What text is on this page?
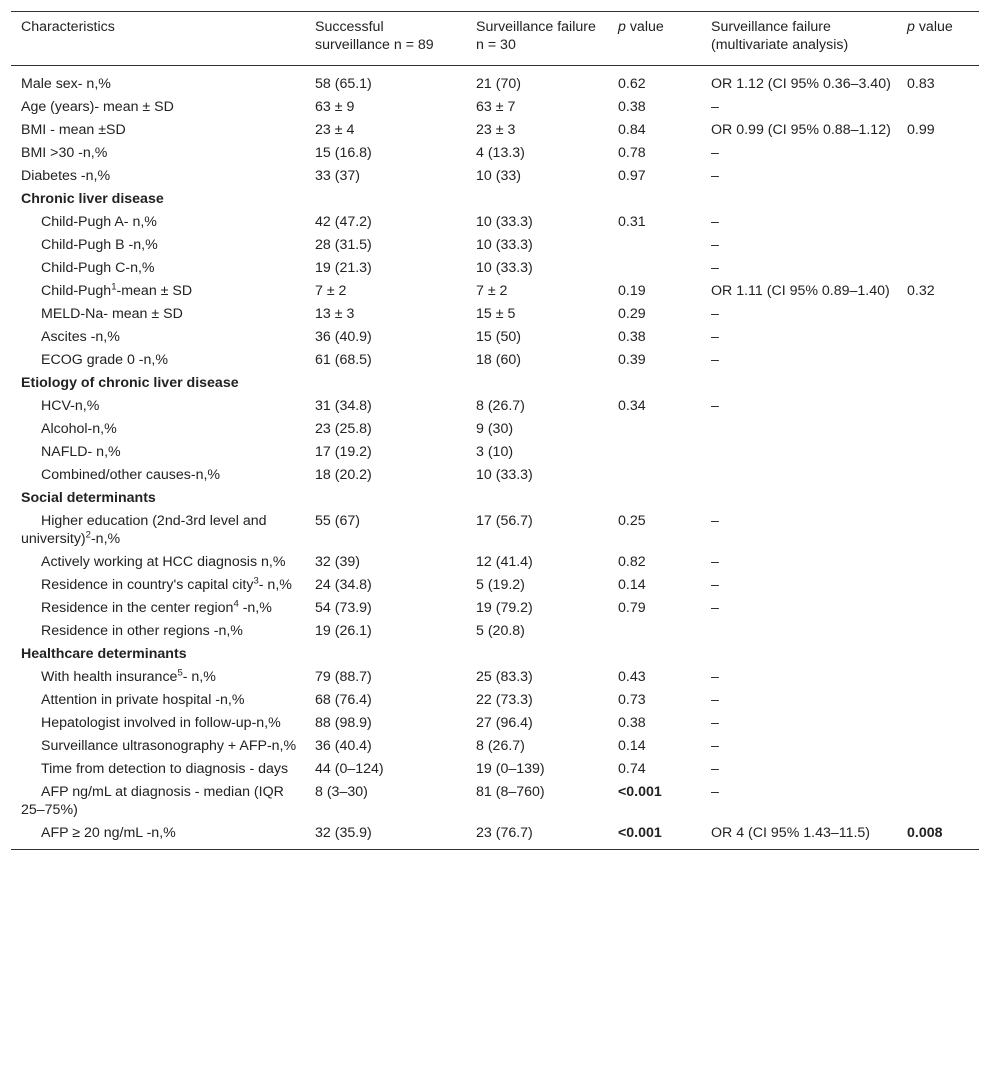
Characteristics	Successful surveillance n = 89	Surveillance failure n = 30	p value	Surveillance failure (multivariate analysis)	p value
Male sex- n,%	58 (65.1)	21 (70)	0.62	OR 1.12 (CI 95% 0.36–3.40)	0.83
Age (years)- mean ± SD	63 ± 9	63 ± 7	0.38	–	
BMI - mean ±SD	23 ± 4	23 ± 3	0.84	OR 0.99 (CI 95% 0.88–1.12)	0.99
BMI >30 -n,%	15 (16.8)	4 (13.3)	0.78	–	
Diabetes -n,%	33 (37)	10 (33)	0.97	–	
Chronic liver disease					
Child-Pugh A- n,%	42 (47.2)	10 (33.3)	0.31	–	
Child-Pugh B -n,%	28 (31.5)	10 (33.3)		–	
Child-Pugh C-n,%	19 (21.3)	10 (33.3)		–	
Child-Pugh$^1$-mean ± SD	7 ± 2	7 ± 2	0.19	OR 1.11 (CI 95% 0.89–1.40)	0.32
MELD-Na- mean ± SD	13 ± 3	15 ± 5	0.29	–	
Ascites -n,%	36 (40.9)	15 (50)	0.38	–	
ECOG grade 0 -n,%	61 (68.5)	18 (60)	0.39	–	
Etiology of chronic liver disease					
HCV-n,%	31 (34.8)	8 (26.7)	0.34	–	
Alcohol-n,%	23 (25.8)	9 (30)			
NAFLD- n,%	17 (19.2)	3 (10)			
Combined/other causes-n,%	18 (20.2)	10 (33.3)			
Social determinants					
Higher education (2nd-3rd level and university)$^2$-n,%	55 (67)	17 (56.7)	0.25	–	
Actively working at HCC diagnosis n,%	32 (39)	12 (41.4)	0.82	–	
Residence in country's capital city$^3$- n,%	24 (34.8)	5 (19.2)	0.14	–	
Residence in the center region$^4$ -n,%	54 (73.9)	19 (79.2)	0.79	–	
Residence in other regions -n,%	19 (26.1)	5 (20.8)			
Healthcare determinants					
With health insurance$^5$- n,%	79 (88.7)	25 (83.3)	0.43	–	
Attention in private hospital -n,%	68 (76.4)	22 (73.3)	0.73	–	
Hepatologist involved in follow-up-n,%	88 (98.9)	27 (96.4)	0.38	–	
Surveillance ultrasonography + AFP-n,%	36 (40.4)	8 (26.7)	0.14	–	
Time from detection to diagnosis - days	44 (0–124)	19 (0–139)	0.74	–	
AFP ng/mL at diagnosis - median (IQR 25–75%)	8 (3–30)	81 (8–760)	<0.001	–	
AFP ≥ 20 ng/mL -n,%	32 (35.9)	23 (76.7)	<0.001	OR 4 (CI 95% 1.43–11.5)	0.008
